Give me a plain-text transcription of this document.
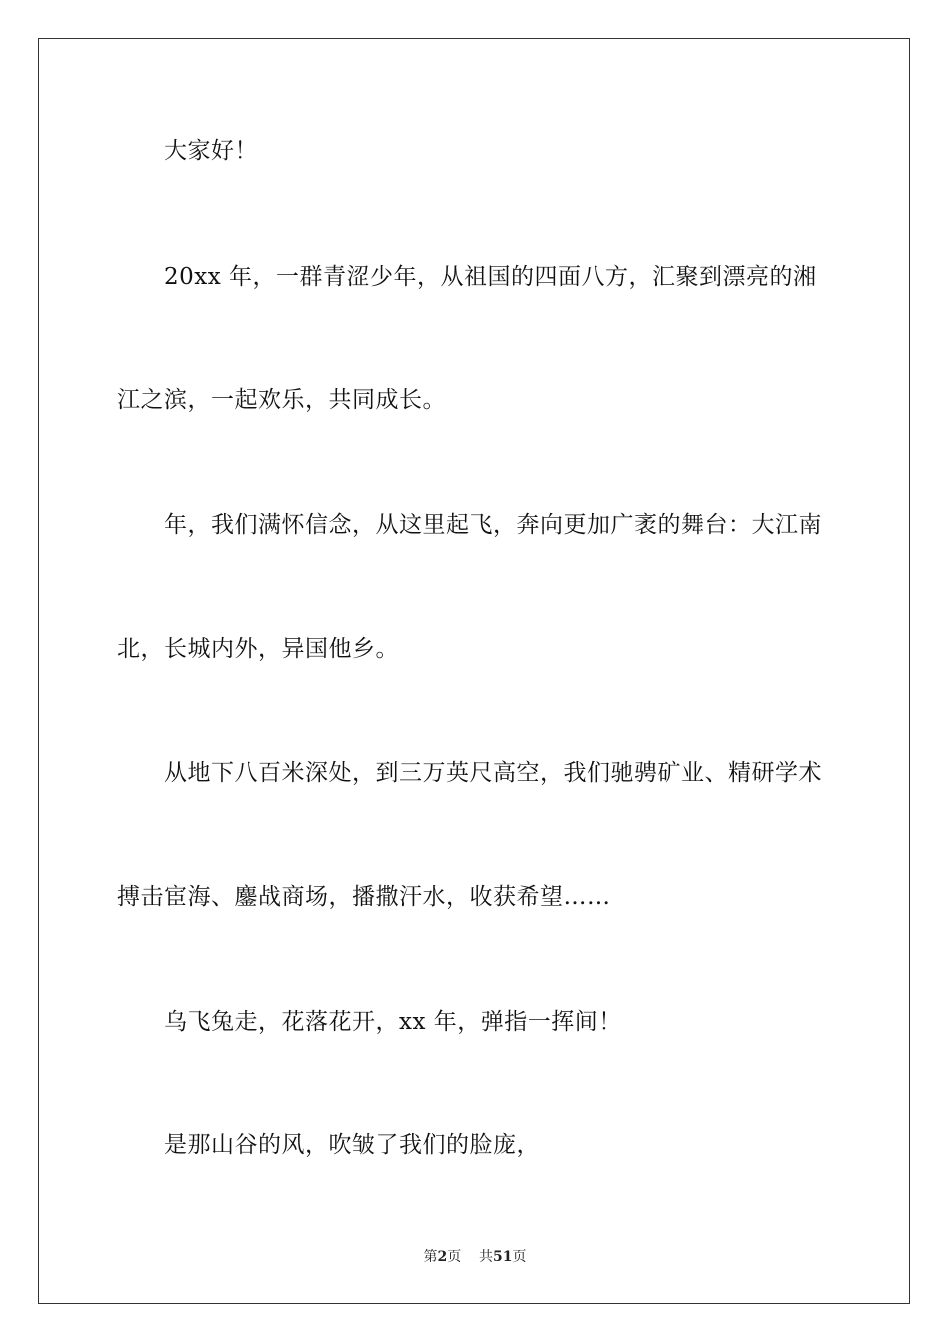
大家好！
20xx 年，一群青涩少年，从祖国的四面八方，汇聚到漂亮的湘
江之滨，一起欢乐，共同成长。
年，我们满怀信念，从这里起飞，奔向更加广袤的舞台：大江南
北，长城内外，异国他乡。
从地下八百米深处，到三万英尺高空，我们驰骋矿业、精研学术
搏击宦海、鏖战商场，播撒汗水，收获希望……
乌飞兔走，花落花开，xx 年，弹指一挥间！
是那山谷的风，吹皱了我们的脸庞，
第2页 共51页
